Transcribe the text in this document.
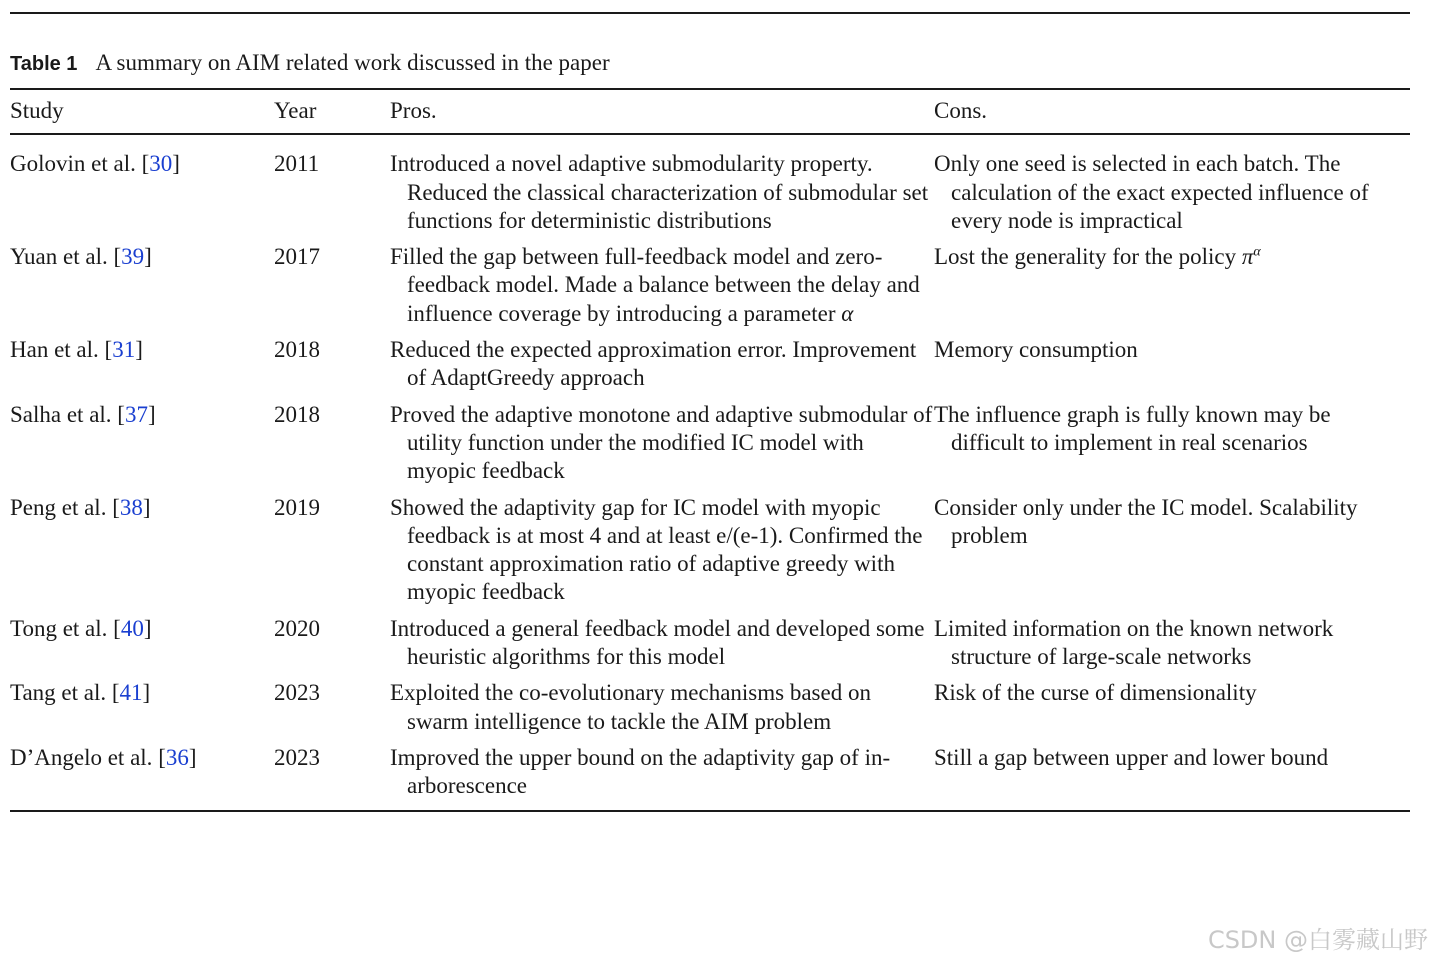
Table 1 A summary on AIM related work discussed in the paper
Study	Year	Pros.	Cons.
Golovin et al. [30]	2011	Introduced a novel adaptive submodularity property. Reduced the classical characterization of submodular set functions for deterministic distributions	Only one seed is selected in each batch. The calculation of the exact expected influence of every node is impractical

Yuan et al. [39]	2017	Filled the gap between full-feedback model and zero-feedback model. Made a balance between the delay and influence coverage by introducing a parameter α	Lost the generality for the policy $\pi^\alpha$

Han et al. [31]	2018	Reduced the expected approximation error. Improvement of AdaptGreedy approach	Memory consumption

Salha et al. [37]	2018	Proved the adaptive monotone and adaptive submodular of utility function under the modified IC model with myopic feedback	The influence graph is fully known may be difficult to implement in real scenarios

Peng et al. [38]	2019	Showed the adaptivity gap for IC model with myopic feedback is at most 4 and at least e/(e-1). Confirmed the constant approximation ratio of adaptive greedy with myopic feedback	Consider only under the IC model. Scalability problem

Tong et al. [40]	2020	Introduced a general feedback model and developed some heuristic algorithms for this model	Limited information on the known network structure of large-scale networks

Tang et al. [41]	2023	Exploited the co-evolutionary mechanisms based on swarm intelligence to tackle the AIM problem	Risk of the curse of dimensionality

D’Angelo et al. [36]	2023	Improved the upper bound on the adaptivity gap of in-arborescence	Still a gap between upper and lower bound
CSDN @白雾藏山野
